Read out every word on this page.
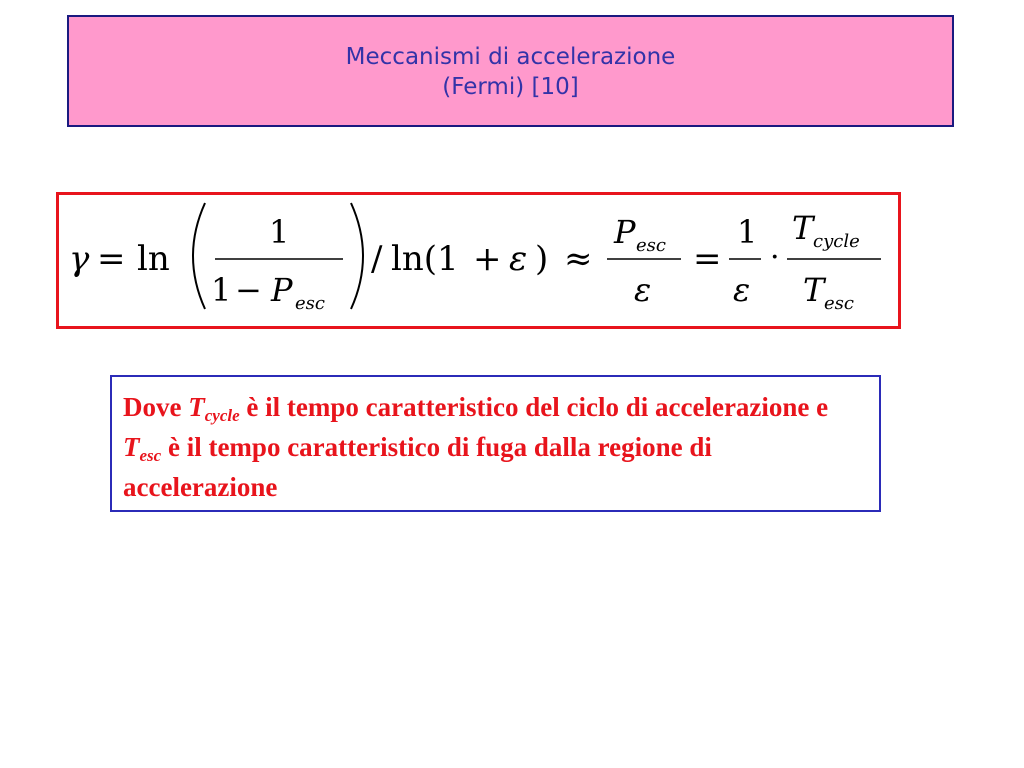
Meccanismi di accelerazione
(Fermi) [10]
γ = ln
1
1 − P esc
/ ln(1 + ε ) ≈
P esc
ε
=
1
ε
·
T cycle
T esc
Dove $T_{cycle}$ è il tempo caratteristico del ciclo di accelerazione e $T_{esc}$ è il tempo caratteristico di fuga dalla regione di accelerazione
